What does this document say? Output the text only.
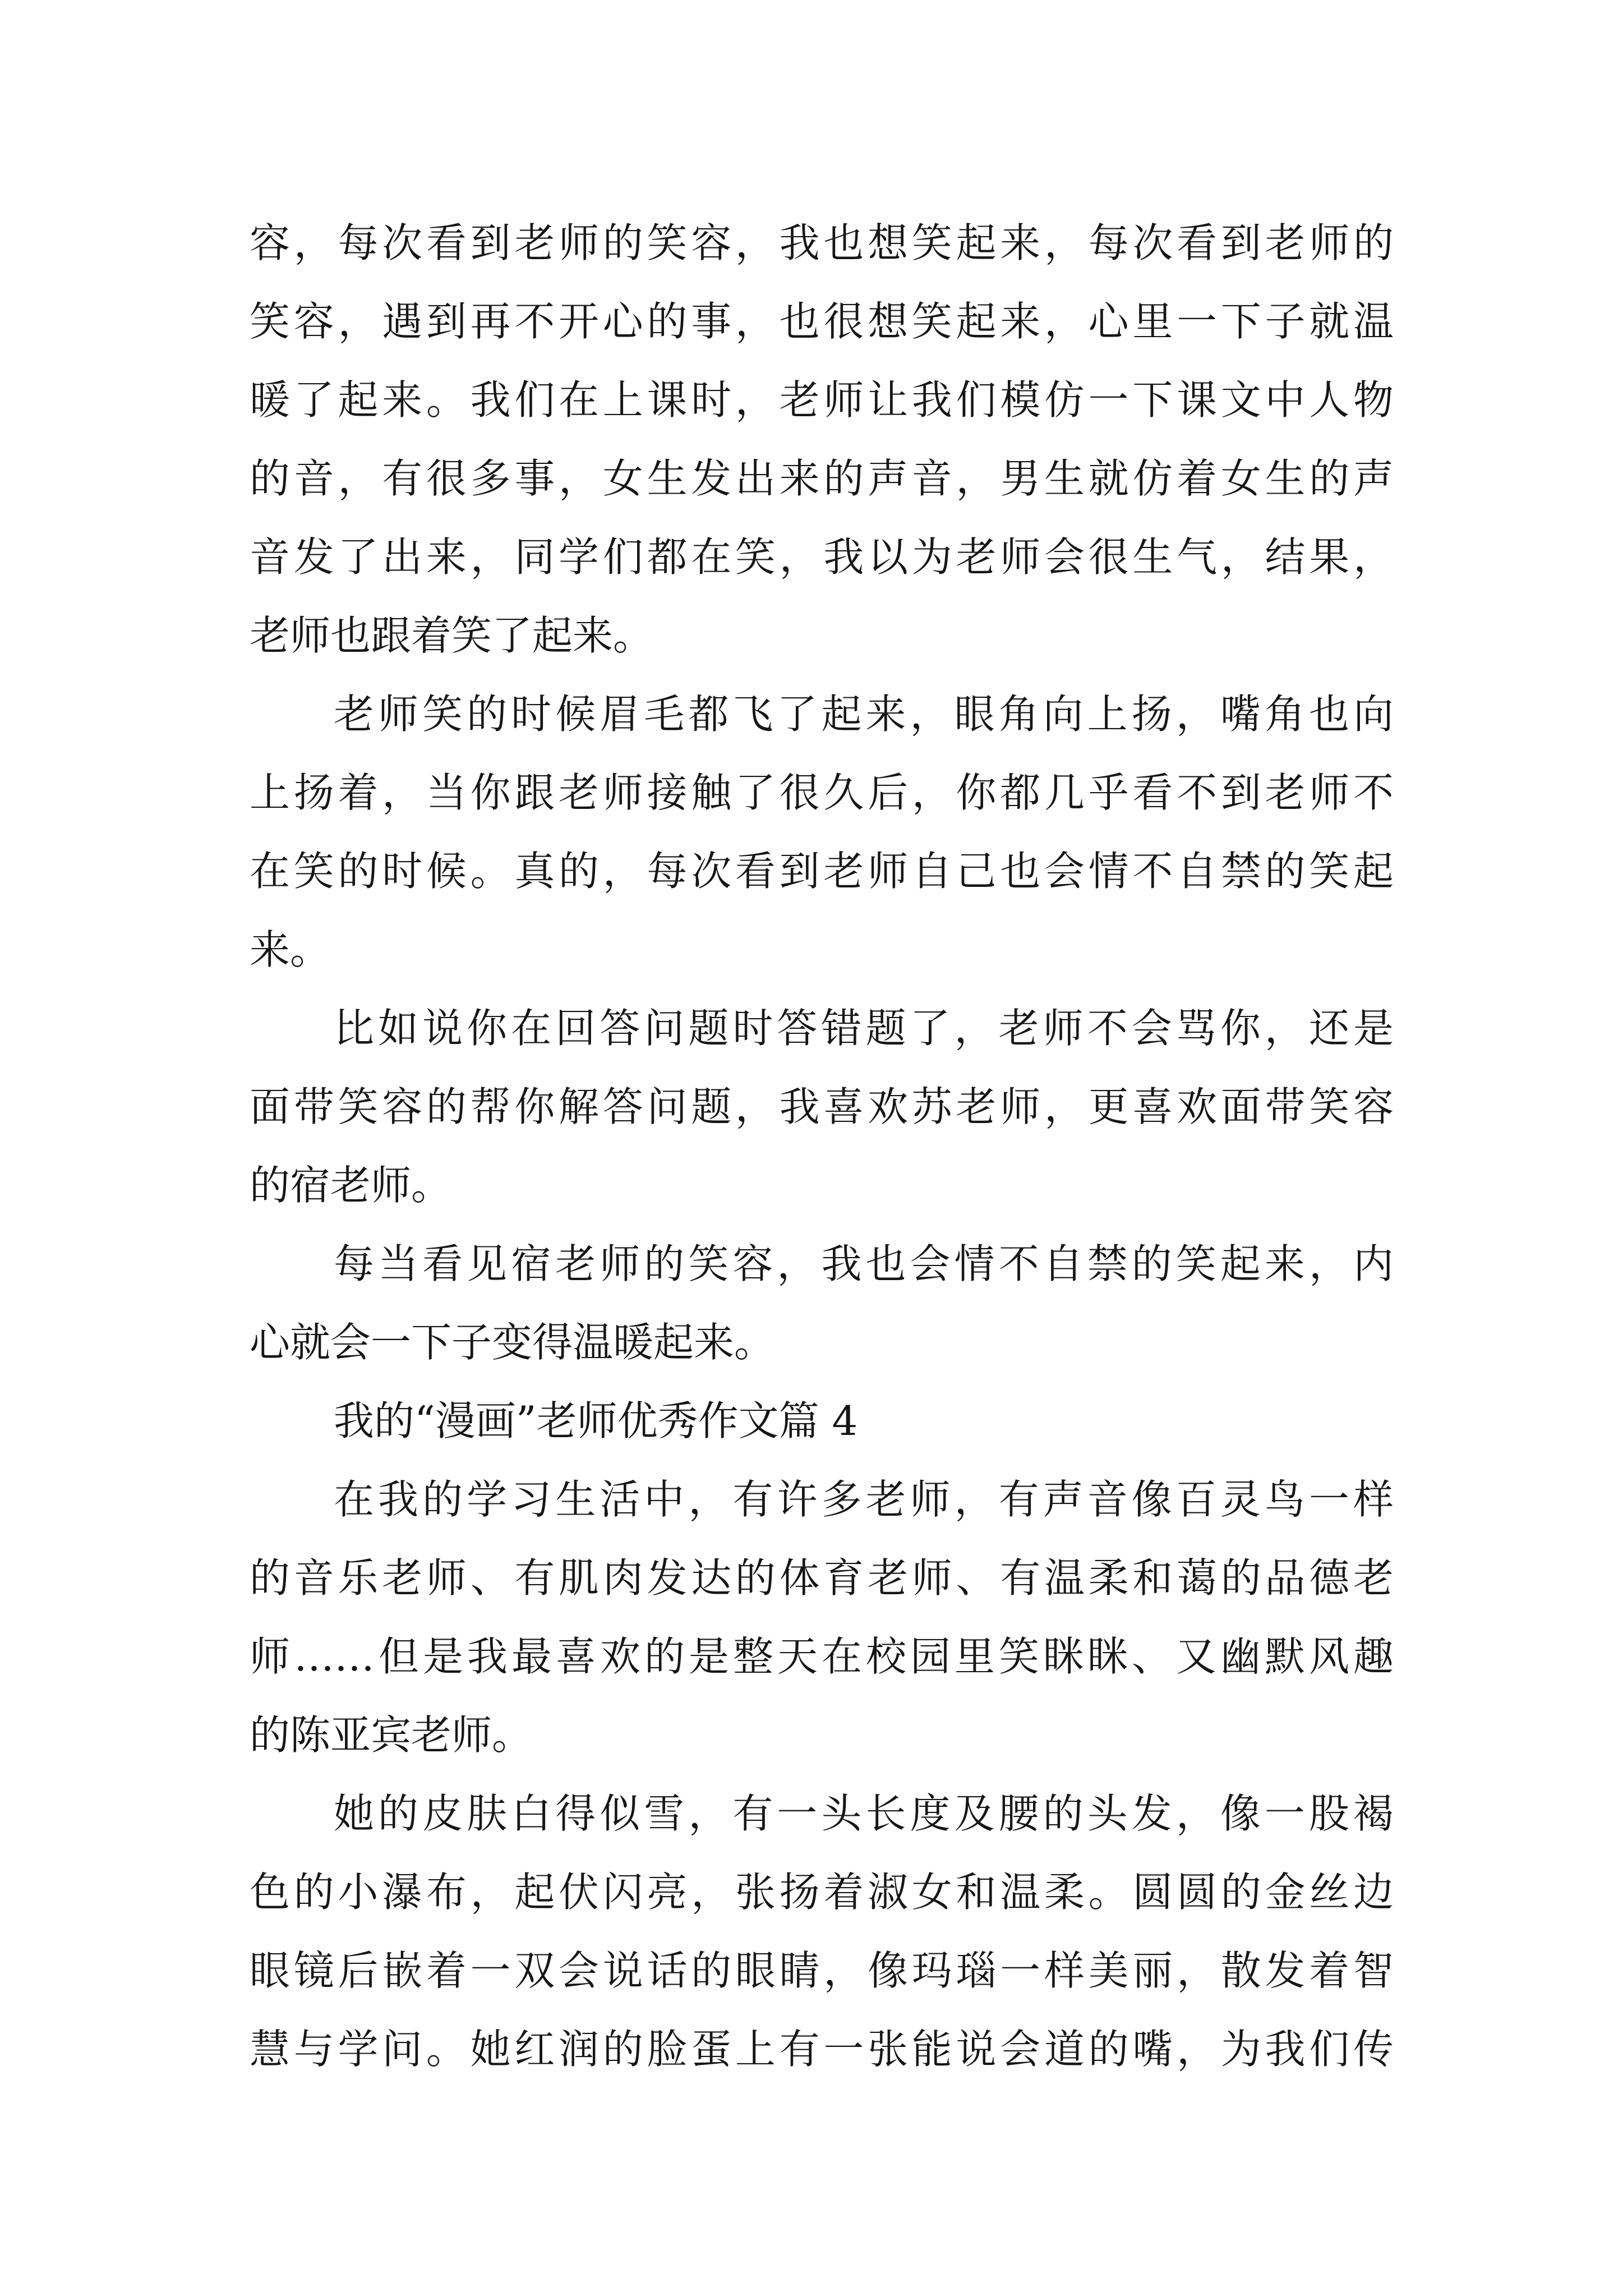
容，每次看到老师的笑容，我也想笑起来，每次看到老师的
笑容，遇到再不开心的事，也很想笑起来，心里一下子就温
暖了起来。我们在上课时，老师让我们模仿一下课文中人物
的音，有很多事，女生发出来的声音，男生就仿着女生的声
音发了出来，同学们都在笑，我以为老师会很生气，结果，
老师也跟着笑了起来。
老师笑的时候眉毛都飞了起来，眼角向上扬，嘴角也向
上扬着，当你跟老师接触了很久后，你都几乎看不到老师不
在笑的时候。真的，每次看到老师自己也会情不自禁的笑起
来。
比如说你在回答问题时答错题了，老师不会骂你，还是
面带笑容的帮你解答问题，我喜欢苏老师，更喜欢面带笑容
的宿老师。
每当看见宿老师的笑容，我也会情不自禁的笑起来，内
心就会一下子变得温暖起来。
我的“漫画”老师优秀作文篇 4
在我的学习生活中，有许多老师，有声音像百灵鸟一样
的音乐老师、有肌肉发达的体育老师、有温柔和蔼的品德老
师……但是我最喜欢的是整天在校园里笑眯眯、又幽默风趣
的陈亚宾老师。
她的皮肤白得似雪，有一头长度及腰的头发，像一股褐
色的小瀑布，起伏闪亮，张扬着淑女和温柔。圆圆的金丝边
眼镜后嵌着一双会说话的眼睛，像玛瑙一样美丽，散发着智
慧与学问。她红润的脸蛋上有一张能说会道的嘴，为我们传
